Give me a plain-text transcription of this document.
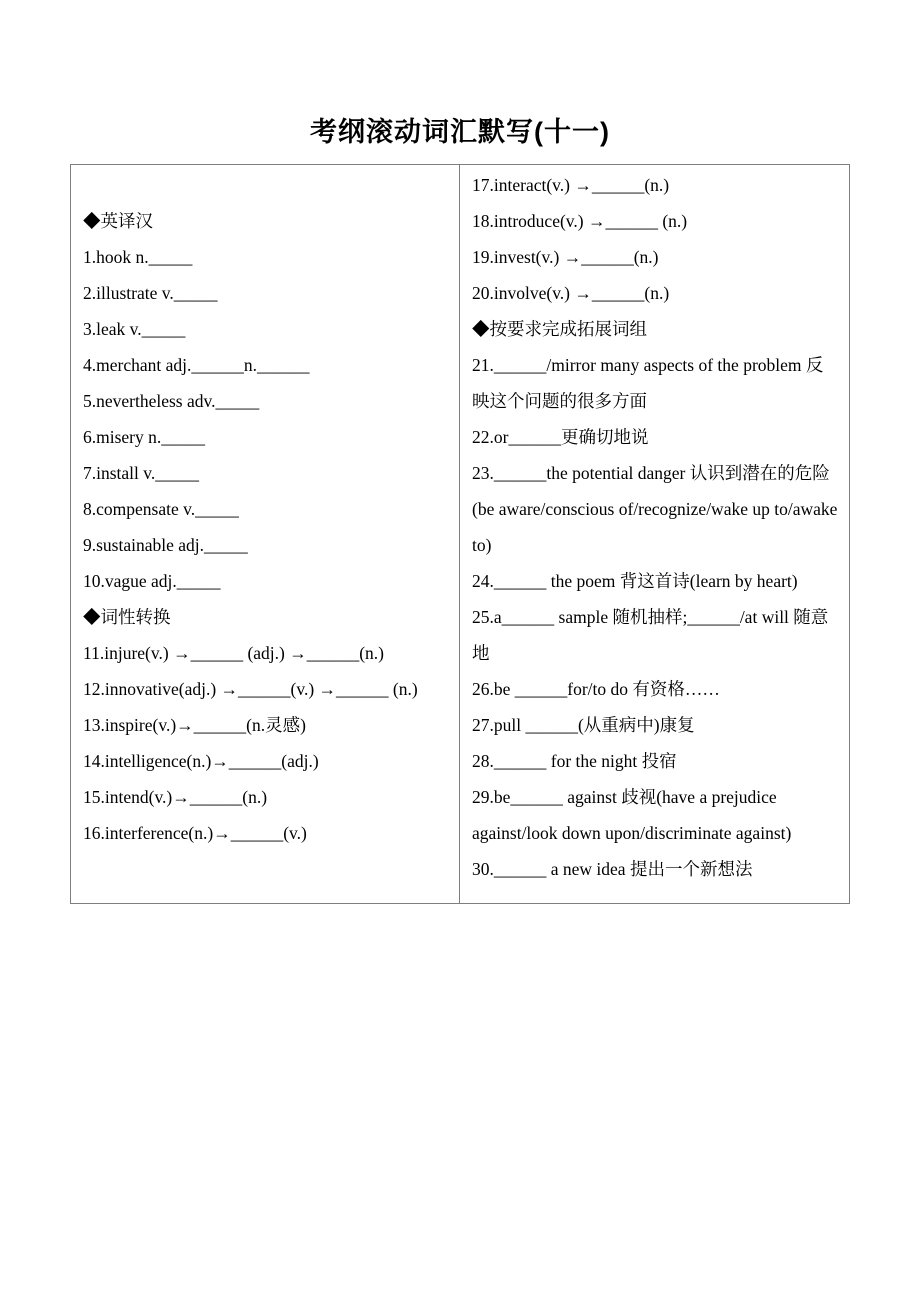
考纲滚动词汇默写(十一)
◆英译汉
1.hook n._____
2.illustrate v._____
3.leak v._____
4.merchant adj.______n.______
5.nevertheless adv._____
6.misery n._____
7.install v._____
8.compensate v._____
9.sustainable adj._____
10.vague adj._____
◆词性转换
11.injure(v.) →______ (adj.) →______(n.)
12.innovative(adj.) →______(v.) →______ (n.)
13.inspire(v.)→______(n.灵感)
14.intelligence(n.)→______(adj.)
15.intend(v.)→______(n.)
16.interference(n.)→______(v.)
17.interact(v.) →______(n.)
18.introduce(v.) →______ (n.)
19.invest(v.) →______(n.)
20.involve(v.) →______(n.)
◆按要求完成拓展词组
21.______/mirror many aspects of the problem 反映这个问题的很多方面
22.or______更确切地说
23.______the potential danger 认识到潜在的危险(be aware/conscious of/recognize/wake up to/awake to)
24.______ the poem 背这首诗(learn by heart)
25.a______ sample 随机抽样;______/at will 随意地
26.be ______for/to do 有资格……
27.pull ______(从重病中)康复
28.______ for the night 投宿
29.be______ against 歧视(have a prejudice against/look down upon/discriminate against)
30.______ a new idea 提出一个新想法
